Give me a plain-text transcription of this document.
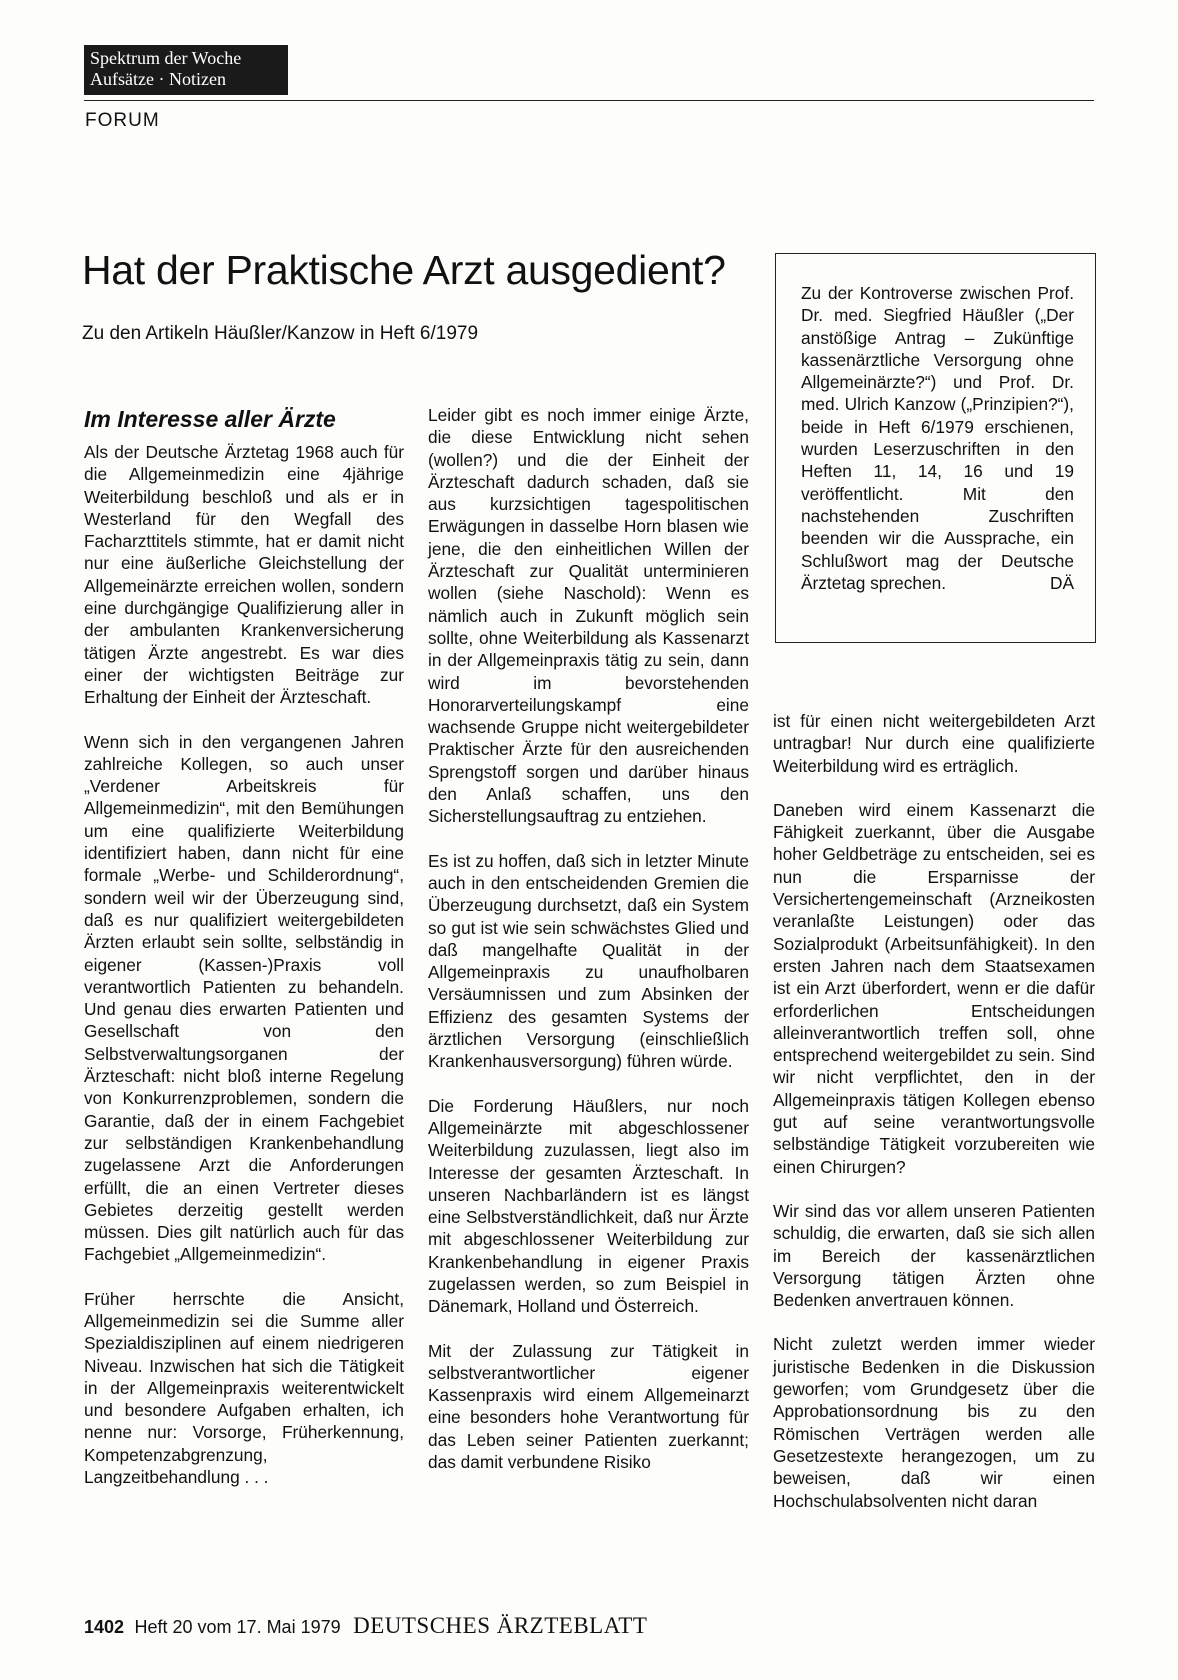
Spektrum der Woche
Aufsätze · Notizen
FORUM
Hat der Praktische Arzt ausgedient?
Zu den Artikeln Häußler/Kanzow in Heft 6/1979
Zu der Kontroverse zwischen Prof. Dr. med. Siegfried Häußler („Der anstößige Antrag – Zukünftige kassenärztliche Versorgung ohne Allgemeinärzte?“) und Prof. Dr. med. Ulrich Kanzow („Prinzipien?“), beide in Heft 6/1979 erschienen, wurden Leserzuschriften in den Heften 11, 14, 16 und 19 veröffentlicht. Mit den nachstehenden Zuschriften beenden wir die Aussprache, ein Schlußwort mag der Deutsche Ärztetag sprechen.	DÄ
Im Interesse aller Ärzte

Als der Deutsche Ärztetag 1968 auch für die Allgemeinmedizin eine 4jährige Weiterbildung beschloß und als er in Westerland für den Wegfall des Facharzttitels stimmte, hat er damit nicht nur eine äußerliche Gleichstellung der Allgemeinärzte erreichen wollen, sondern eine durchgängige Qualifizierung aller in der ambulanten Krankenversicherung tätigen Ärzte angestrebt. Es war dies einer der wichtigsten Beiträge zur Erhaltung der Einheit der Ärzteschaft.

Wenn sich in den vergangenen Jahren zahlreiche Kollegen, so auch unser „Verdener Arbeitskreis für Allgemeinmedizin“, mit den Bemühungen um eine qualifizierte Weiterbildung identifiziert haben, dann nicht für eine formale „Werbe- und Schilderordnung“, sondern weil wir der Überzeugung sind, daß es nur qualifiziert weitergebildeten Ärzten erlaubt sein sollte, selbständig in eigener (Kassen-)Praxis voll verantwortlich Patienten zu behandeln. Und genau dies erwarten Patienten und Gesellschaft von den Selbstverwaltungsorganen der Ärzteschaft: nicht bloß interne Regelung von Konkurrenzproblemen, sondern die Garantie, daß der in einem Fachgebiet zur selbständigen Krankenbehandlung zugelassene Arzt die Anforderungen erfüllt, die an einen Vertreter dieses Gebietes derzeitig gestellt werden müssen. Dies gilt natürlich auch für das Fachgebiet „Allgemeinmedizin“.

Früher herrschte die Ansicht, Allgemeinmedizin sei die Summe aller Spezialdisziplinen auf einem niedrigeren Niveau. Inzwischen hat sich die Tätigkeit in der Allgemeinpraxis weiterentwickelt und besondere Aufgaben erhalten, ich nenne nur: Vorsorge, Früherkennung, Kompetenzabgrenzung, Langzeitbehandlung . . .

Leider gibt es noch immer einige Ärzte, die diese Entwicklung nicht sehen (wollen?) und die der Einheit der Ärzteschaft dadurch schaden, daß sie aus kurzsichtigen tagespolitischen Erwägungen in dasselbe Horn blasen wie jene, die den einheitlichen Willen der Ärzteschaft zur Qualität unterminieren wollen (siehe Naschold): Wenn es nämlich auch in Zukunft möglich sein sollte, ohne Weiterbildung als Kassenarzt in der Allgemeinpraxis tätig zu sein, dann wird im bevorstehenden Honorarverteilungskampf eine wachsende Gruppe nicht weitergebildeter Praktischer Ärzte für den ausreichenden Sprengstoff sorgen und darüber hinaus den Anlaß schaffen, uns den Sicherstellungsauftrag zu entziehen.

Es ist zu hoffen, daß sich in letzter Minute auch in den entscheidenden Gremien die Überzeugung durchsetzt, daß ein System so gut ist wie sein schwächstes Glied und daß mangelhafte Qualität in der Allgemeinpraxis zu unaufholbaren Versäumnissen und zum Absinken der Effizienz des gesamten Systems der ärztlichen Versorgung (einschließlich Krankenhausversorgung) führen würde.

Die Forderung Häußlers, nur noch Allgemeinärzte mit abgeschlossener Weiterbildung zuzulassen, liegt also im Interesse der gesamten Ärzteschaft. In unseren Nachbarländern ist es längst eine Selbstverständlichkeit, daß nur Ärzte mit abgeschlossener Weiterbildung zur Krankenbehandlung in eigener Praxis zugelassen werden, so zum Beispiel in Dänemark, Holland und Österreich.

Mit der Zulassung zur Tätigkeit in selbstverantwortlicher eigener Kassenpraxis wird einem Allgemeinarzt eine besonders hohe Verantwortung für das Leben seiner Patienten zuerkannt; das damit verbundene Risiko

ist für einen nicht weitergebildeten Arzt untragbar! Nur durch eine qualifizierte Weiterbildung wird es erträglich.

Daneben wird einem Kassenarzt die Fähigkeit zuerkannt, über die Ausgabe hoher Geldbeträge zu entscheiden, sei es nun die Ersparnisse der Versichertengemeinschaft (Arzneikosten veranlaßte Leistungen) oder das Sozialprodukt (Arbeitsunfähigkeit). In den ersten Jahren nach dem Staatsexamen ist ein Arzt überfordert, wenn er die dafür erforderlichen Entscheidungen alleinverantwortlich treffen soll, ohne entsprechend weitergebildet zu sein. Sind wir nicht verpflichtet, den in der Allgemeinpraxis tätigen Kollegen ebenso gut auf seine verantwortungsvolle selbständige Tätigkeit vorzubereiten wie einen Chirurgen?

Wir sind das vor allem unseren Patienten schuldig, die erwarten, daß sie sich allen im Bereich der kassenärztlichen Versorgung tätigen Ärzten ohne Bedenken anvertrauen können.

Nicht zuletzt werden immer wieder juristische Bedenken in die Diskussion geworfen; vom Grundgesetz über die Approbationsordnung bis zu den Römischen Verträgen werden alle Gesetzestexte herangezogen, um zu beweisen, daß wir einen Hochschulabsolventen nicht daran

1402 Heft 20 vom 17. Mai 1979 DEUTSCHES ÄRZTEBLATT
